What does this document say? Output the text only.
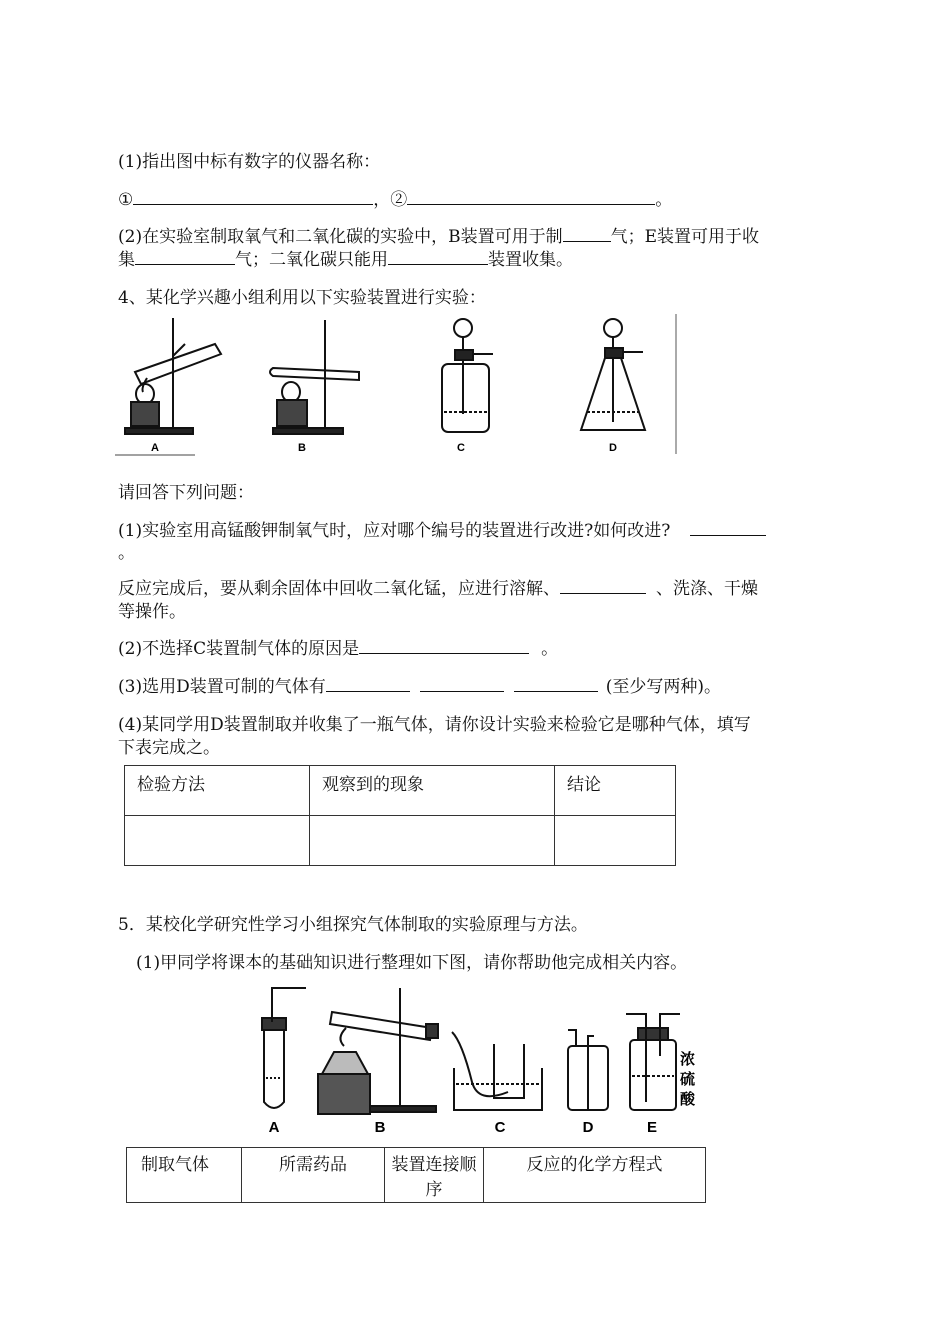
(1)指出图中标有数字的仪器名称：
①	，②	。
(2)在实验室制取氧气和二氧化碳的实验中，B装置可用于制	气；E装置可用于收
集	气；二氧化碳只能用	装置收集。
4、某化学兴趣小组利用以下实验装置进行实验：
A	B	C	D
请回答下列问题：
(1)实验室用高锰酸钾制氧气时，应对哪个编号的装置进行改进?如何改进?
。
反应完成后，要从剩余固体中回收二氧化锰，应进行溶解、	、洗涤、干燥
等操作。
(2)不选择C装置制气体的原因是	。
(3)选用D装置可制的气体有	(至少写两种)。
(4)某同学用D装置制取并收集了一瓶气体，请你设计实验来检验它是哪种气体，填写
下表完成之。
检验方法	观察到的现象	结论

5．某校化学研究性学习小组探究气体制取的实验原理与方法。
(1)甲同学将课本的基础知识进行整理如下图，请你帮助他完成相关内容。
A	B	C	D	E
浓
硫
酸
制取气体	所需药品	装置连接顺序	反应的化学方程式
